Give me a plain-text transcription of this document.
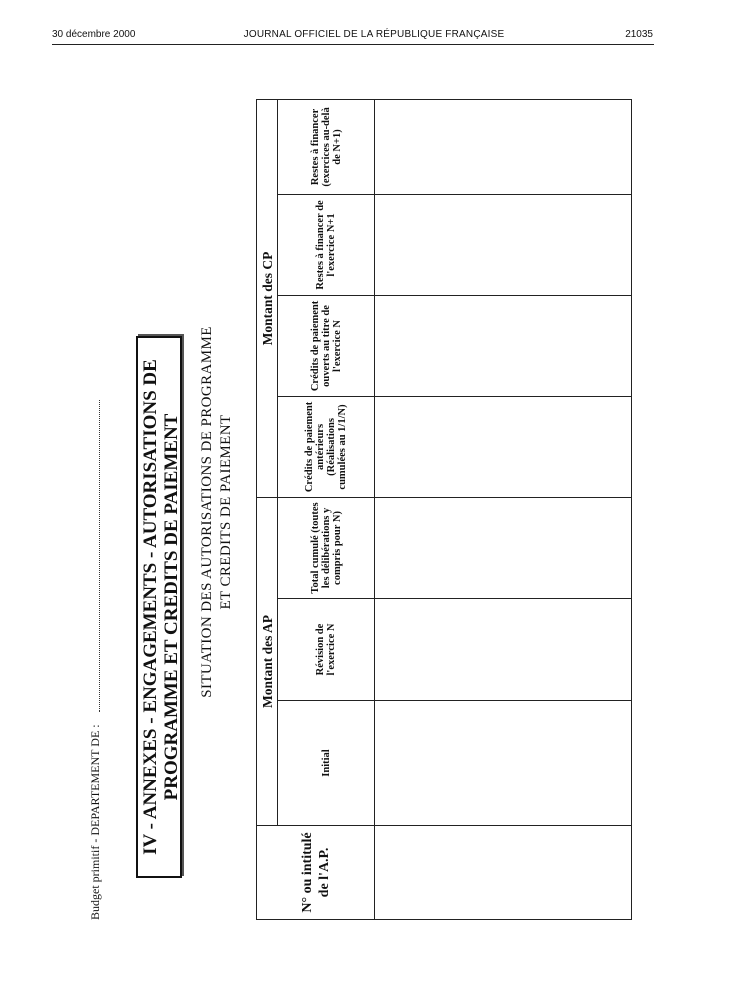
30 décembre 2000	JOURNAL OFFICIEL DE LA RÉPUBLIQUE FRANÇAISE	21035
Budget primitif - DEPARTEMENT DE : IV - ANNEXES - ENGAGEMENTS - AUTORISATIONS DE PROGRAMME ET CREDITS DE PAIEMENT SITUATION DES AUTORISATIONS DE PROGRAMME ET CREDITS DE PAIEMENT
N° ou intitulé de l'A.P.	Montant des AP			Montant des CP			
	Initial	Révision de l'exercice N	Total cumulé (toutes les délibérations y compris pour N)	Crédits de paiement antérieurs (Réalisations cumulées au 1/1/N)	Crédits de paiement ouverts au titre de l'exercice N	Restes à financer de l'exercice N+1	Restes à financer (exercices au-delà de N+1)
